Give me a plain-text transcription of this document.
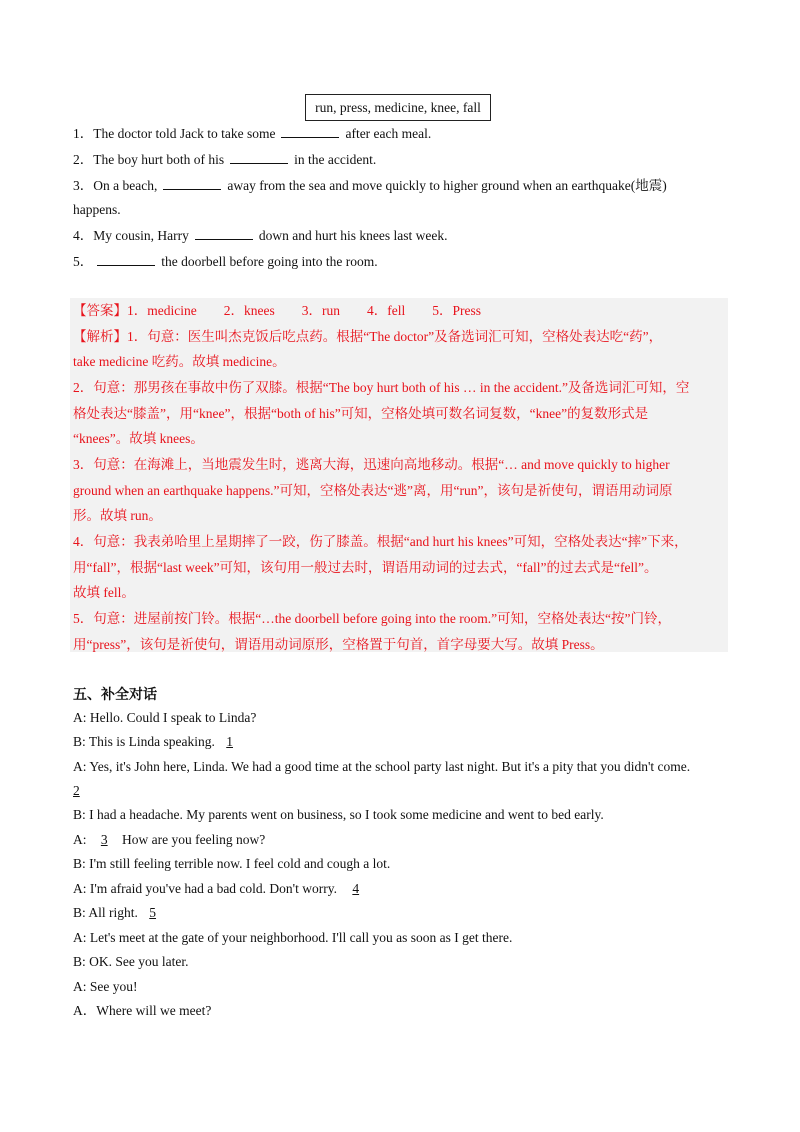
run, press, medicine, knee, fall
1．The doctor told Jack to take some	after each meal.
2．The boy hurt both of his	in the accident.
3．On a beach,	away from the sea and move quickly to higher ground when an earthquake(地震)
happens.
4．My cousin, Harry	down and hurt his knees last week.
5．	the doorbell before going into the room.
【答案】1．medicine　　2．knees　　3．run　　4．fell　　5．Press
【解析】1．句意：医生叫杰克饭后吃点药。根据“The doctor”及备选词汇可知，空格处表达吃“药”，
take medicine 吃药。故填 medicine。
2．句意：那男孩在事故中伤了双膝。根据“The boy hurt both of his … in the accident.”及备选词汇可知，空
格处表达“膝盖”，用“knee”，根据“both of his”可知，空格处填可数名词复数，“knee”的复数形式是
“knees”。故填 knees。
3．句意：在海滩上，当地震发生时，逃离大海，迅速向高地移动。根据“… and move quickly to higher
ground when an earthquake happens.”可知，空格处表达“逃”离，用“run”，该句是祈使句，谓语用动词原
形。故填 run。
4．句意：我表弟哈里上星期摔了一跤，伤了膝盖。根据“and hurt his knees”可知，空格处表达“摔”下来，
用“fall”，根据“last week”可知，该句用一般过去时，谓语用动词的过去式，“fall”的过去式是“fell”。
故填 fell。
5．句意：进屋前按门铃。根据“…the doorbell before going into the room.”可知，空格处表达“按”门铃，
用“press”，该句是祈使句，谓语用动词原形，空格置于句首，首字母要大写。故填 Press。
五、补全对话
A: Hello. Could I speak to Linda?
B: This is Linda speaking. 1
A: Yes, it's John here, Linda. We had a good time at the school party last night. But it's a pity that you didn't come.
2
B: I had a headache. My parents went on business, so I took some medicine and went to bed early.
A: 3 How are you feeling now?
B: I'm still feeling terrible now. I feel cold and cough a lot.
A: I'm afraid you've had a bad cold. Don't worry. 4
B: All right. 5
A: Let's meet at the gate of your neighborhood. I'll call you as soon as I get there.
B: OK. See you later.
A: See you!
A．Where will we meet?
